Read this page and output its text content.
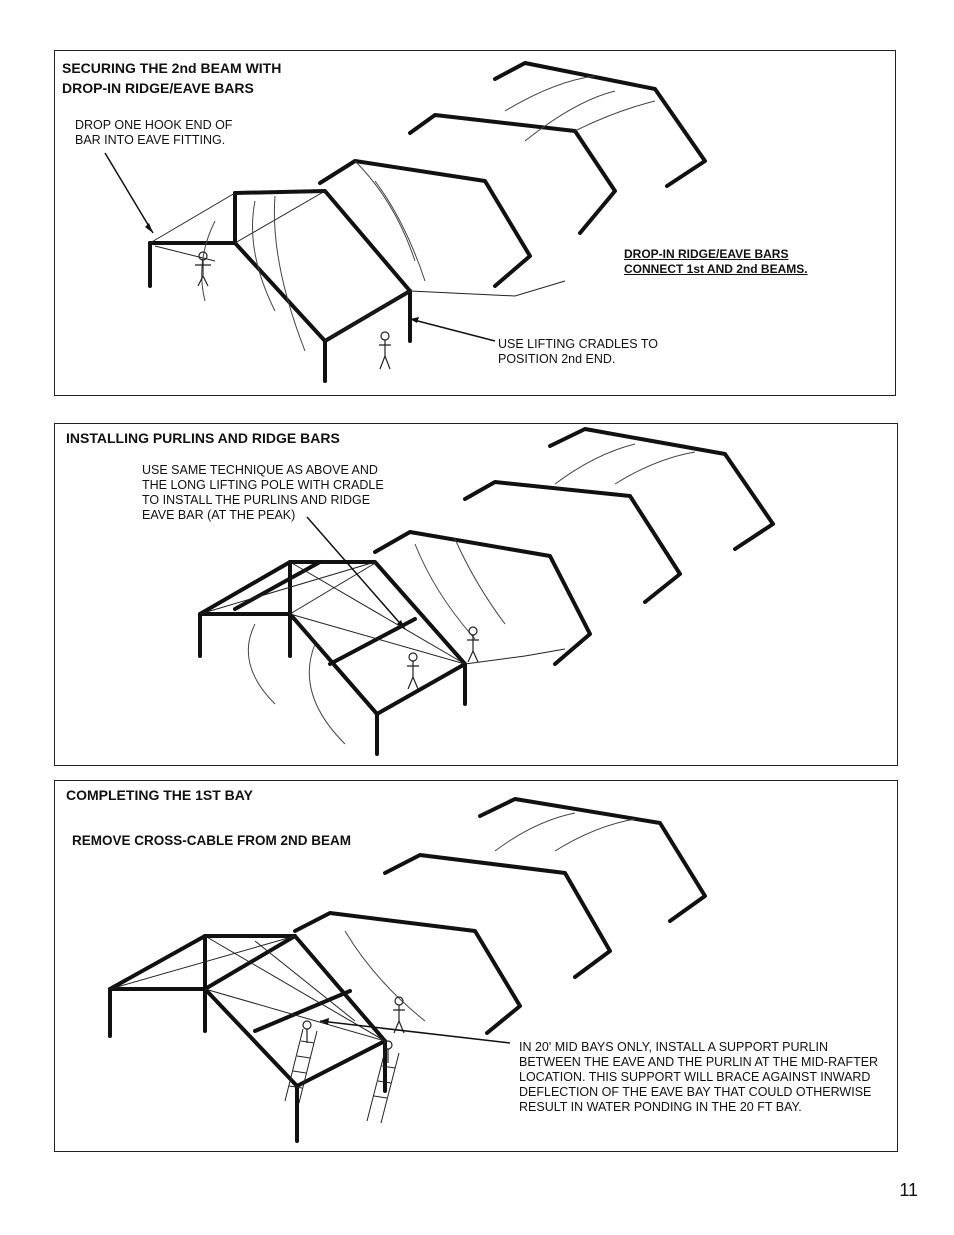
SECURING THE 2nd BEAM WITH
DROP-IN RIDGE/EAVE BARS
DROP ONE HOOK END OF
BAR INTO EAVE FITTING.
DROP-IN RIDGE/EAVE BARS
CONNECT 1st AND 2nd BEAMS.
USE LIFTING CRADLES TO
POSITION 2nd END.
INSTALLING PURLINS AND RIDGE BARS
USE SAME TECHNIQUE AS ABOVE AND
THE LONG LIFTING POLE WITH CRADLE
TO INSTALL THE PURLINS AND RIDGE
EAVE BAR (AT THE PEAK)
COMPLETING THE 1ST BAY
REMOVE CROSS-CABLE FROM 2ND BEAM
IN 20' MID BAYS ONLY, INSTALL A SUPPORT PURLIN
BETWEEN THE EAVE AND THE PURLIN AT THE MID-RAFTER
LOCATION. THIS SUPPORT WILL BRACE AGAINST INWARD
DEFLECTION OF THE EAVE BAY THAT COULD OTHERWISE
RESULT IN WATER PONDING IN THE 20 FT BAY.
11
